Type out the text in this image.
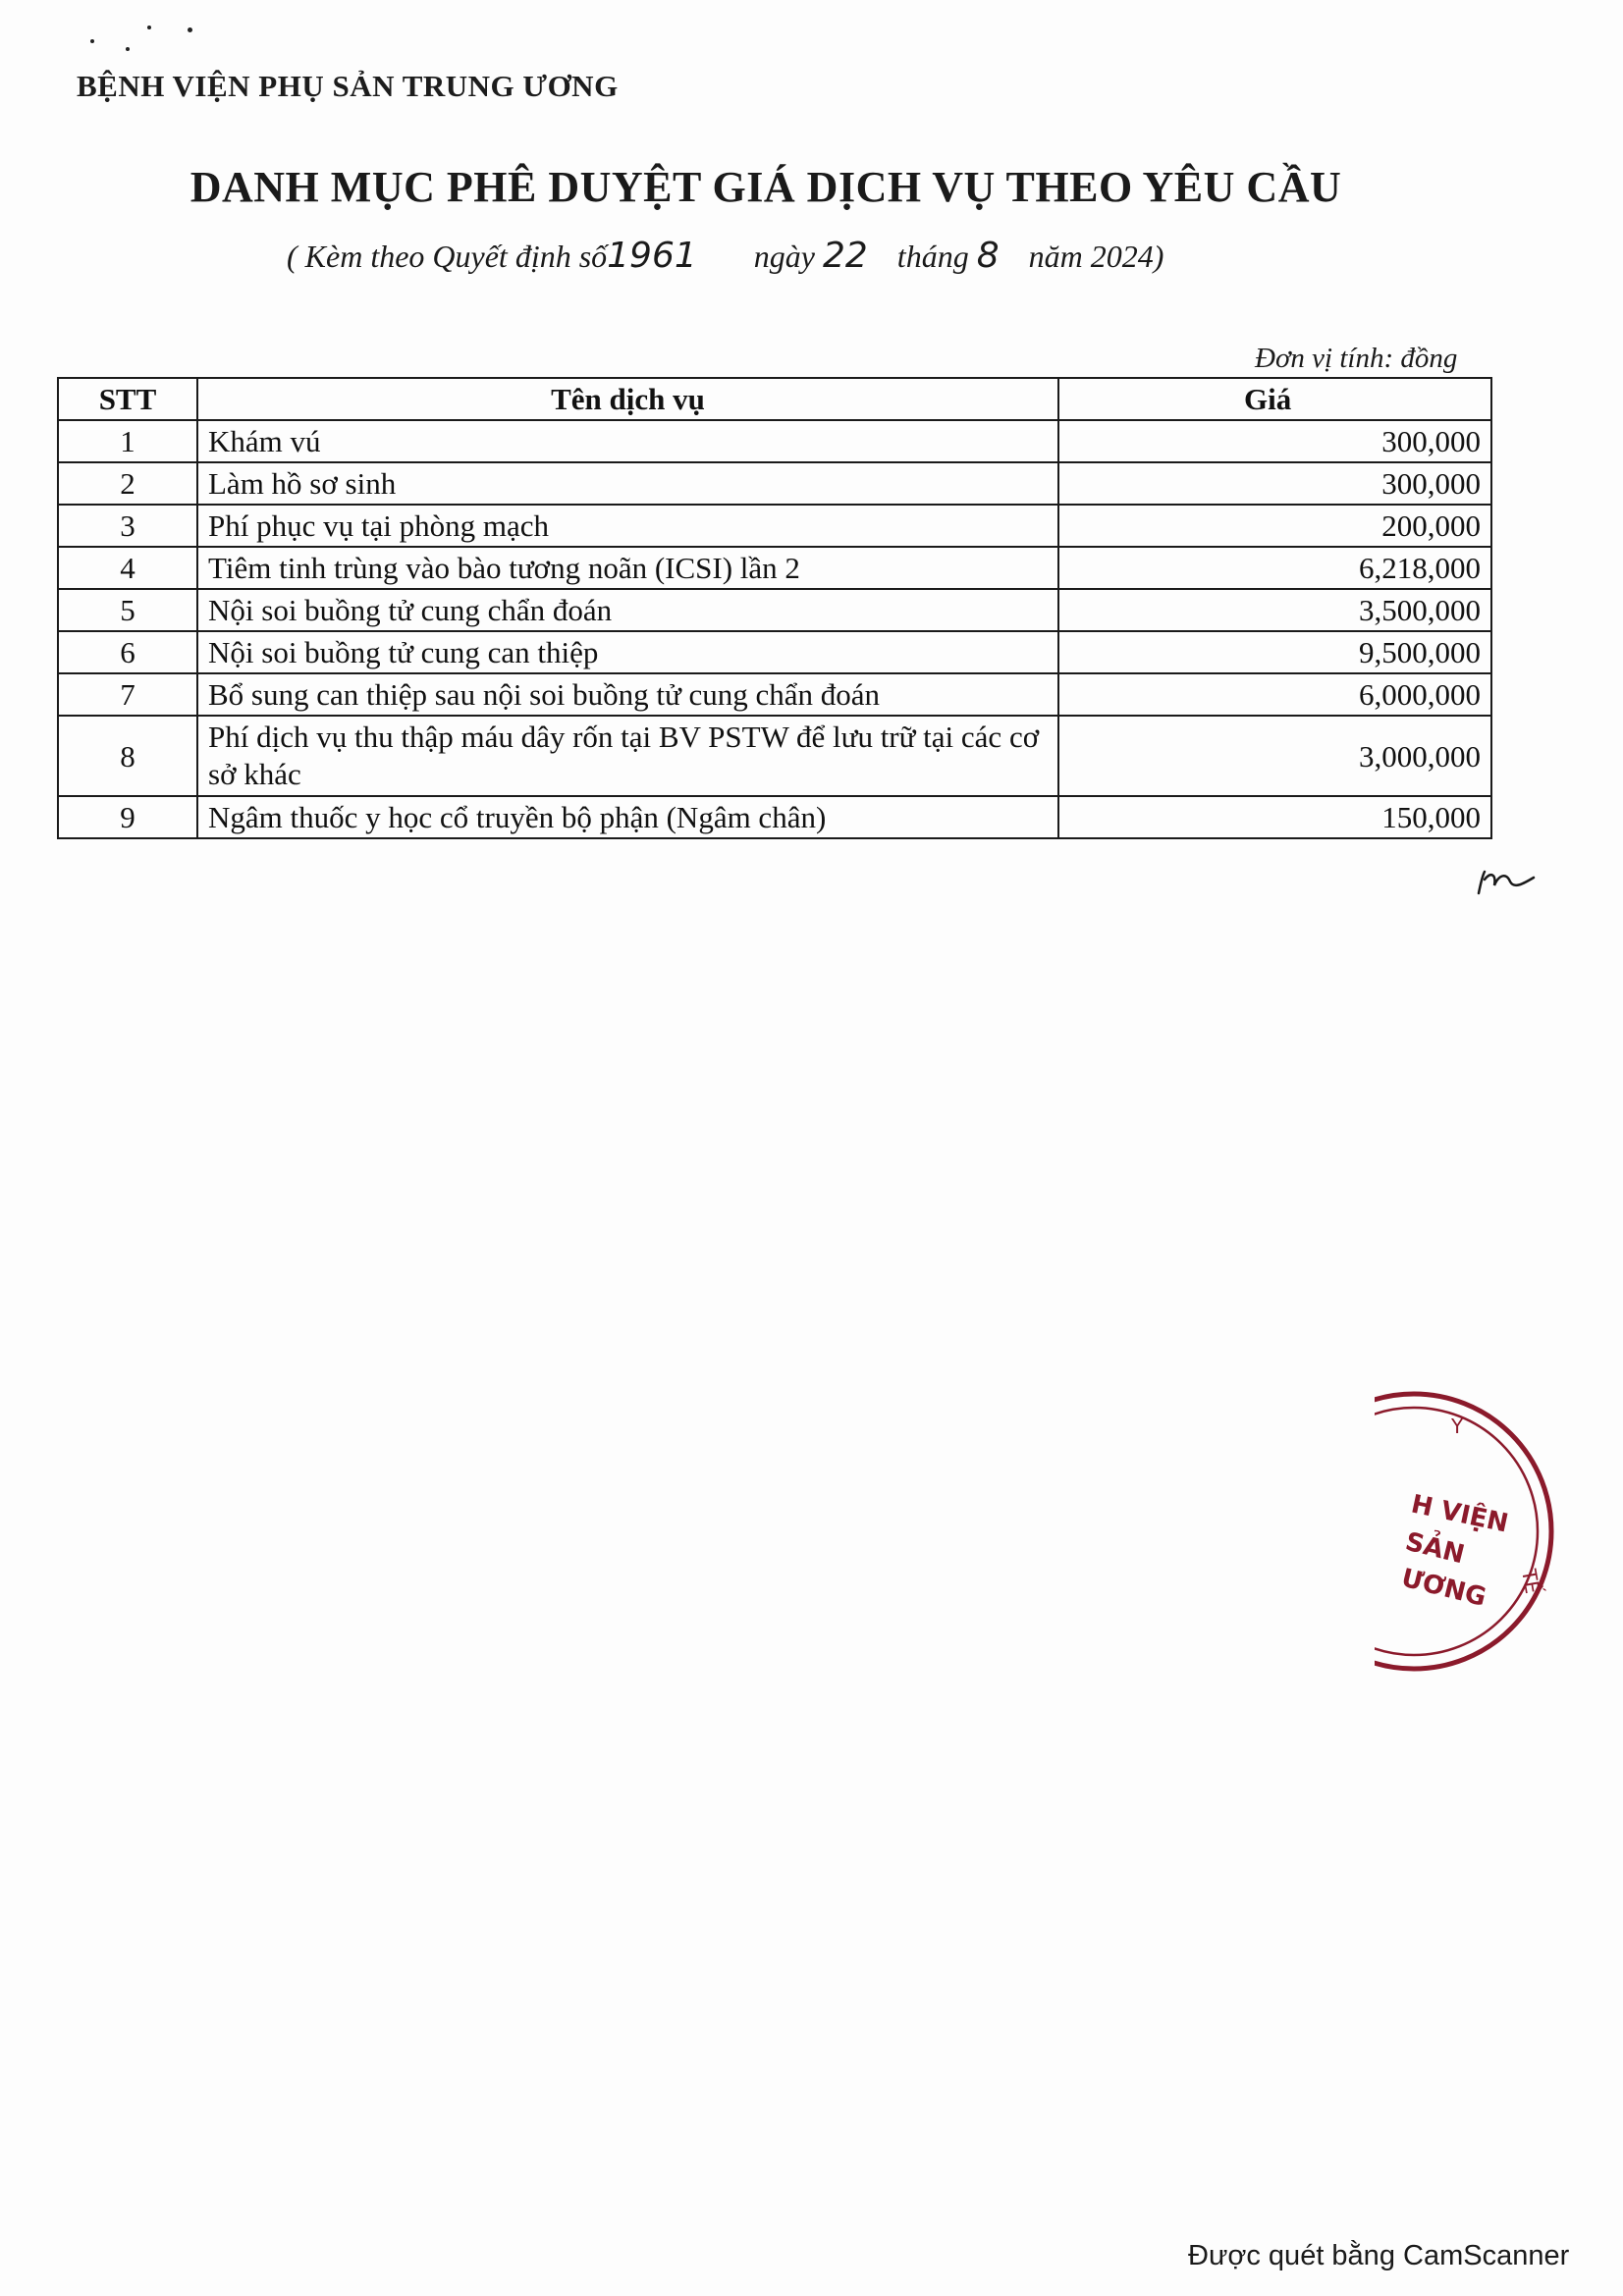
BỆNH VIỆN PHỤ SẢN TRUNG ƯƠNG
DANH MỤC PHÊ DUYỆT GIÁ DỊCH VỤ THEO YÊU CẦU
( Kèm theo Quyết định số1961 ngày 22 tháng 8 năm 2024)
Đơn vị tính: đồng
STT	Tên dịch vụ	Giá
1	Khám vú	300,000
2	Làm hồ sơ sinh	300,000
3	Phí phục vụ tại phòng mạch	200,000
4	Tiêm tinh trùng vào bào tương noãn (ICSI) lần 2	6,218,000
5	Nội soi buồng tử cung chẩn đoán	3,500,000
6	Nội soi buồng tử cung can thiệp	9,500,000
7	Bổ sung can thiệp sau nội soi buồng tử cung chẩn đoán	6,000,000
8	Phí dịch vụ thu thập máu dây rốn tại BV PSTW để lưu trữ tại các cơ sở khác	3,000,000
9	Ngâm thuốc y học cổ truyền bộ phận (Ngâm chân)	150,000
Y
H VIỆN
SẢN
ƯƠNG TẾ
Được quét bằng CamScanner
